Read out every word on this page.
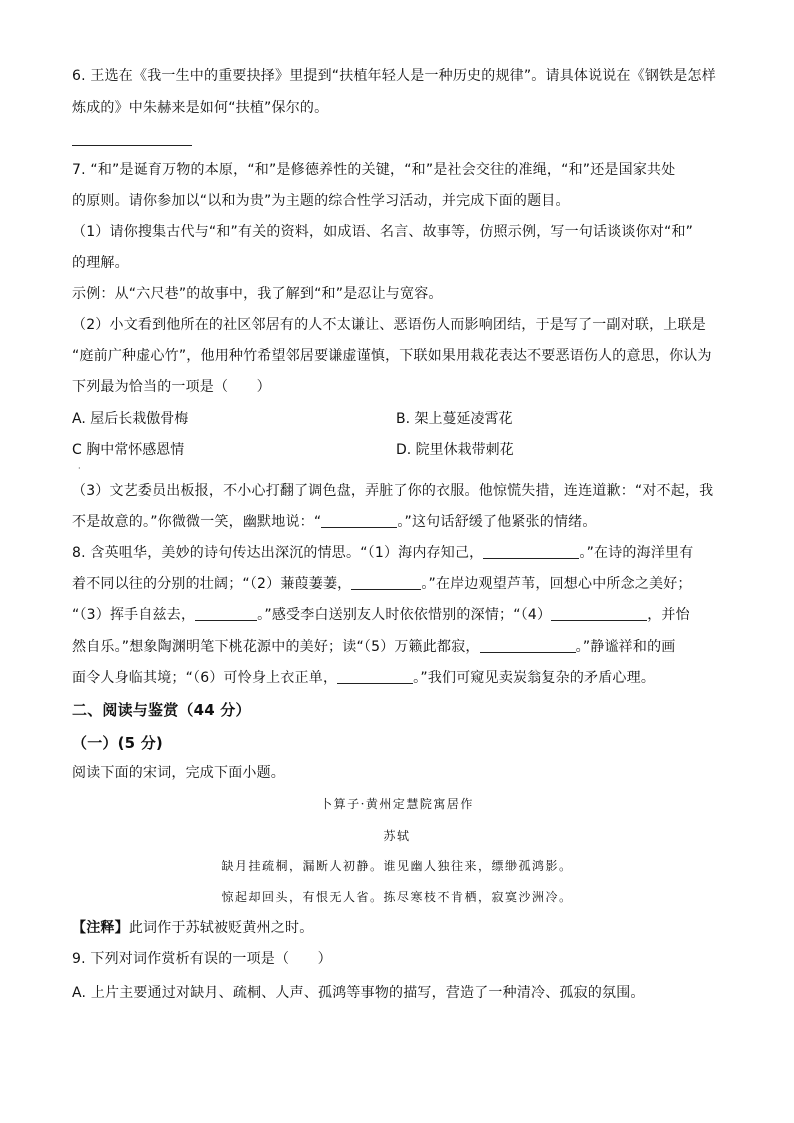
6. 王选在《我一生中的重要抉择》里提到“扶植年轻人是一种历史的规律”。请具体说说在《钢铁是怎样
炼成的》中朱赫来是如何“扶植”保尔的。
7. “和”是诞育万物的本原，“和”是修德养性的关键，“和”是社会交往的准绳，“和”还是国家共处
的原则。请你参加以“以和为贵”为主题的综合性学习活动，并完成下面的题目。
（1）请你搜集古代与“和”有关的资料，如成语、名言、故事等，仿照示例，写一句话谈谈你对“和”
的理解。
示例：从“六尺巷”的故事中，我了解到“和”是忍让与宽容。
（2）小文看到他所在的社区邻居有的人不太谦让、恶语伤人而影响团结，于是写了一副对联，上联是
“庭前广种虚心竹”，他用种竹希望邻居要谦虚谨慎，下联如果用栽花表达不要恶语伤人的意思，你认为
下列最为恰当的一项是（　　）
A. 屋后长栽傲骨梅	B. 架上蔓延凌霄花
C 胸中常怀感恩情	D. 院里休栽带刺花
·
（3）文艺委员出板报，不小心打翻了调色盘，弄脏了你的衣服。他惊慌失措，连连道歉：“对不起，我
不是故意的。”你微微一笑，幽默地说：“	。”这句话舒缓了他紧张的情绪。
8. 含英咀华，美妙的诗句传达出深沉的情思。“（1）海内存知己，	。”在诗的海洋里有
着不同以往的分别的壮阔；“（2）蒹葭萋萋，	。”在岸边观望芦苇，回想心中所念之美好；
“（3）挥手自兹去，	。”感受李白送别友人时依依惜别的深情；“（4）	，并怡
然自乐。”想象陶渊明笔下桃花源中的美好；读“（5）万籁此都寂，	。”静谧祥和的画
面令人身临其境；“（6）可怜身上衣正单，	。”我们可窥见卖炭翁复杂的矛盾心理。
二、阅读与鉴赏（44 分）
（一）(5 分)
阅读下面的宋词，完成下面小题。
卜算子·黄州定慧院寓居作
苏轼
缺月挂疏桐，漏断人初静。谁见幽人独往来，缥缈孤鸿影。
惊起却回头，有恨无人省。拣尽寒枝不肯栖，寂寞沙洲冷。
【注释】此词作于苏轼被贬黄州之时。
9. 下列对词作赏析有误的一项是（　　）
A. 上片主要通过对缺月、疏桐、人声、孤鸿等事物的描写，营造了一种清冷、孤寂的氛围。
